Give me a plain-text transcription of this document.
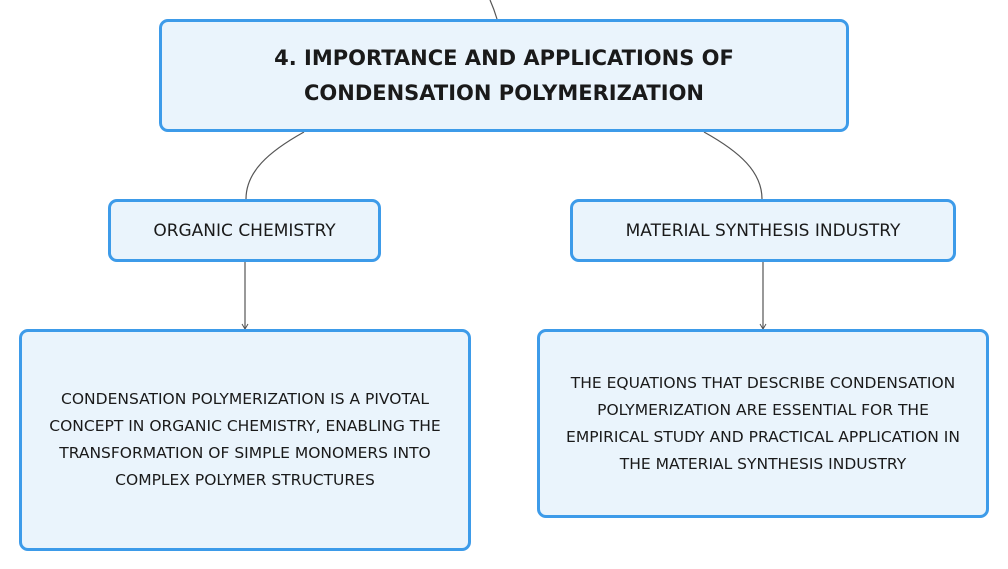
4. IMPORTANCE AND APPLICATIONS OF CONDENSATION POLYMERIZATION
ORGANIC CHEMISTRY	MATERIAL SYNTHESIS INDUSTRY
CONDENSATION POLYMERIZATION IS A PIVOTAL CONCEPT IN ORGANIC CHEMISTRY, ENABLING THE TRANSFORMATION OF SIMPLE MONOMERS INTO COMPLEX POLYMER STRUCTURES
THE EQUATIONS THAT DESCRIBE CONDENSATION POLYMERIZATION ARE ESSENTIAL FOR THE EMPIRICAL STUDY AND PRACTICAL APPLICATION IN THE MATERIAL SYNTHESIS INDUSTRY
